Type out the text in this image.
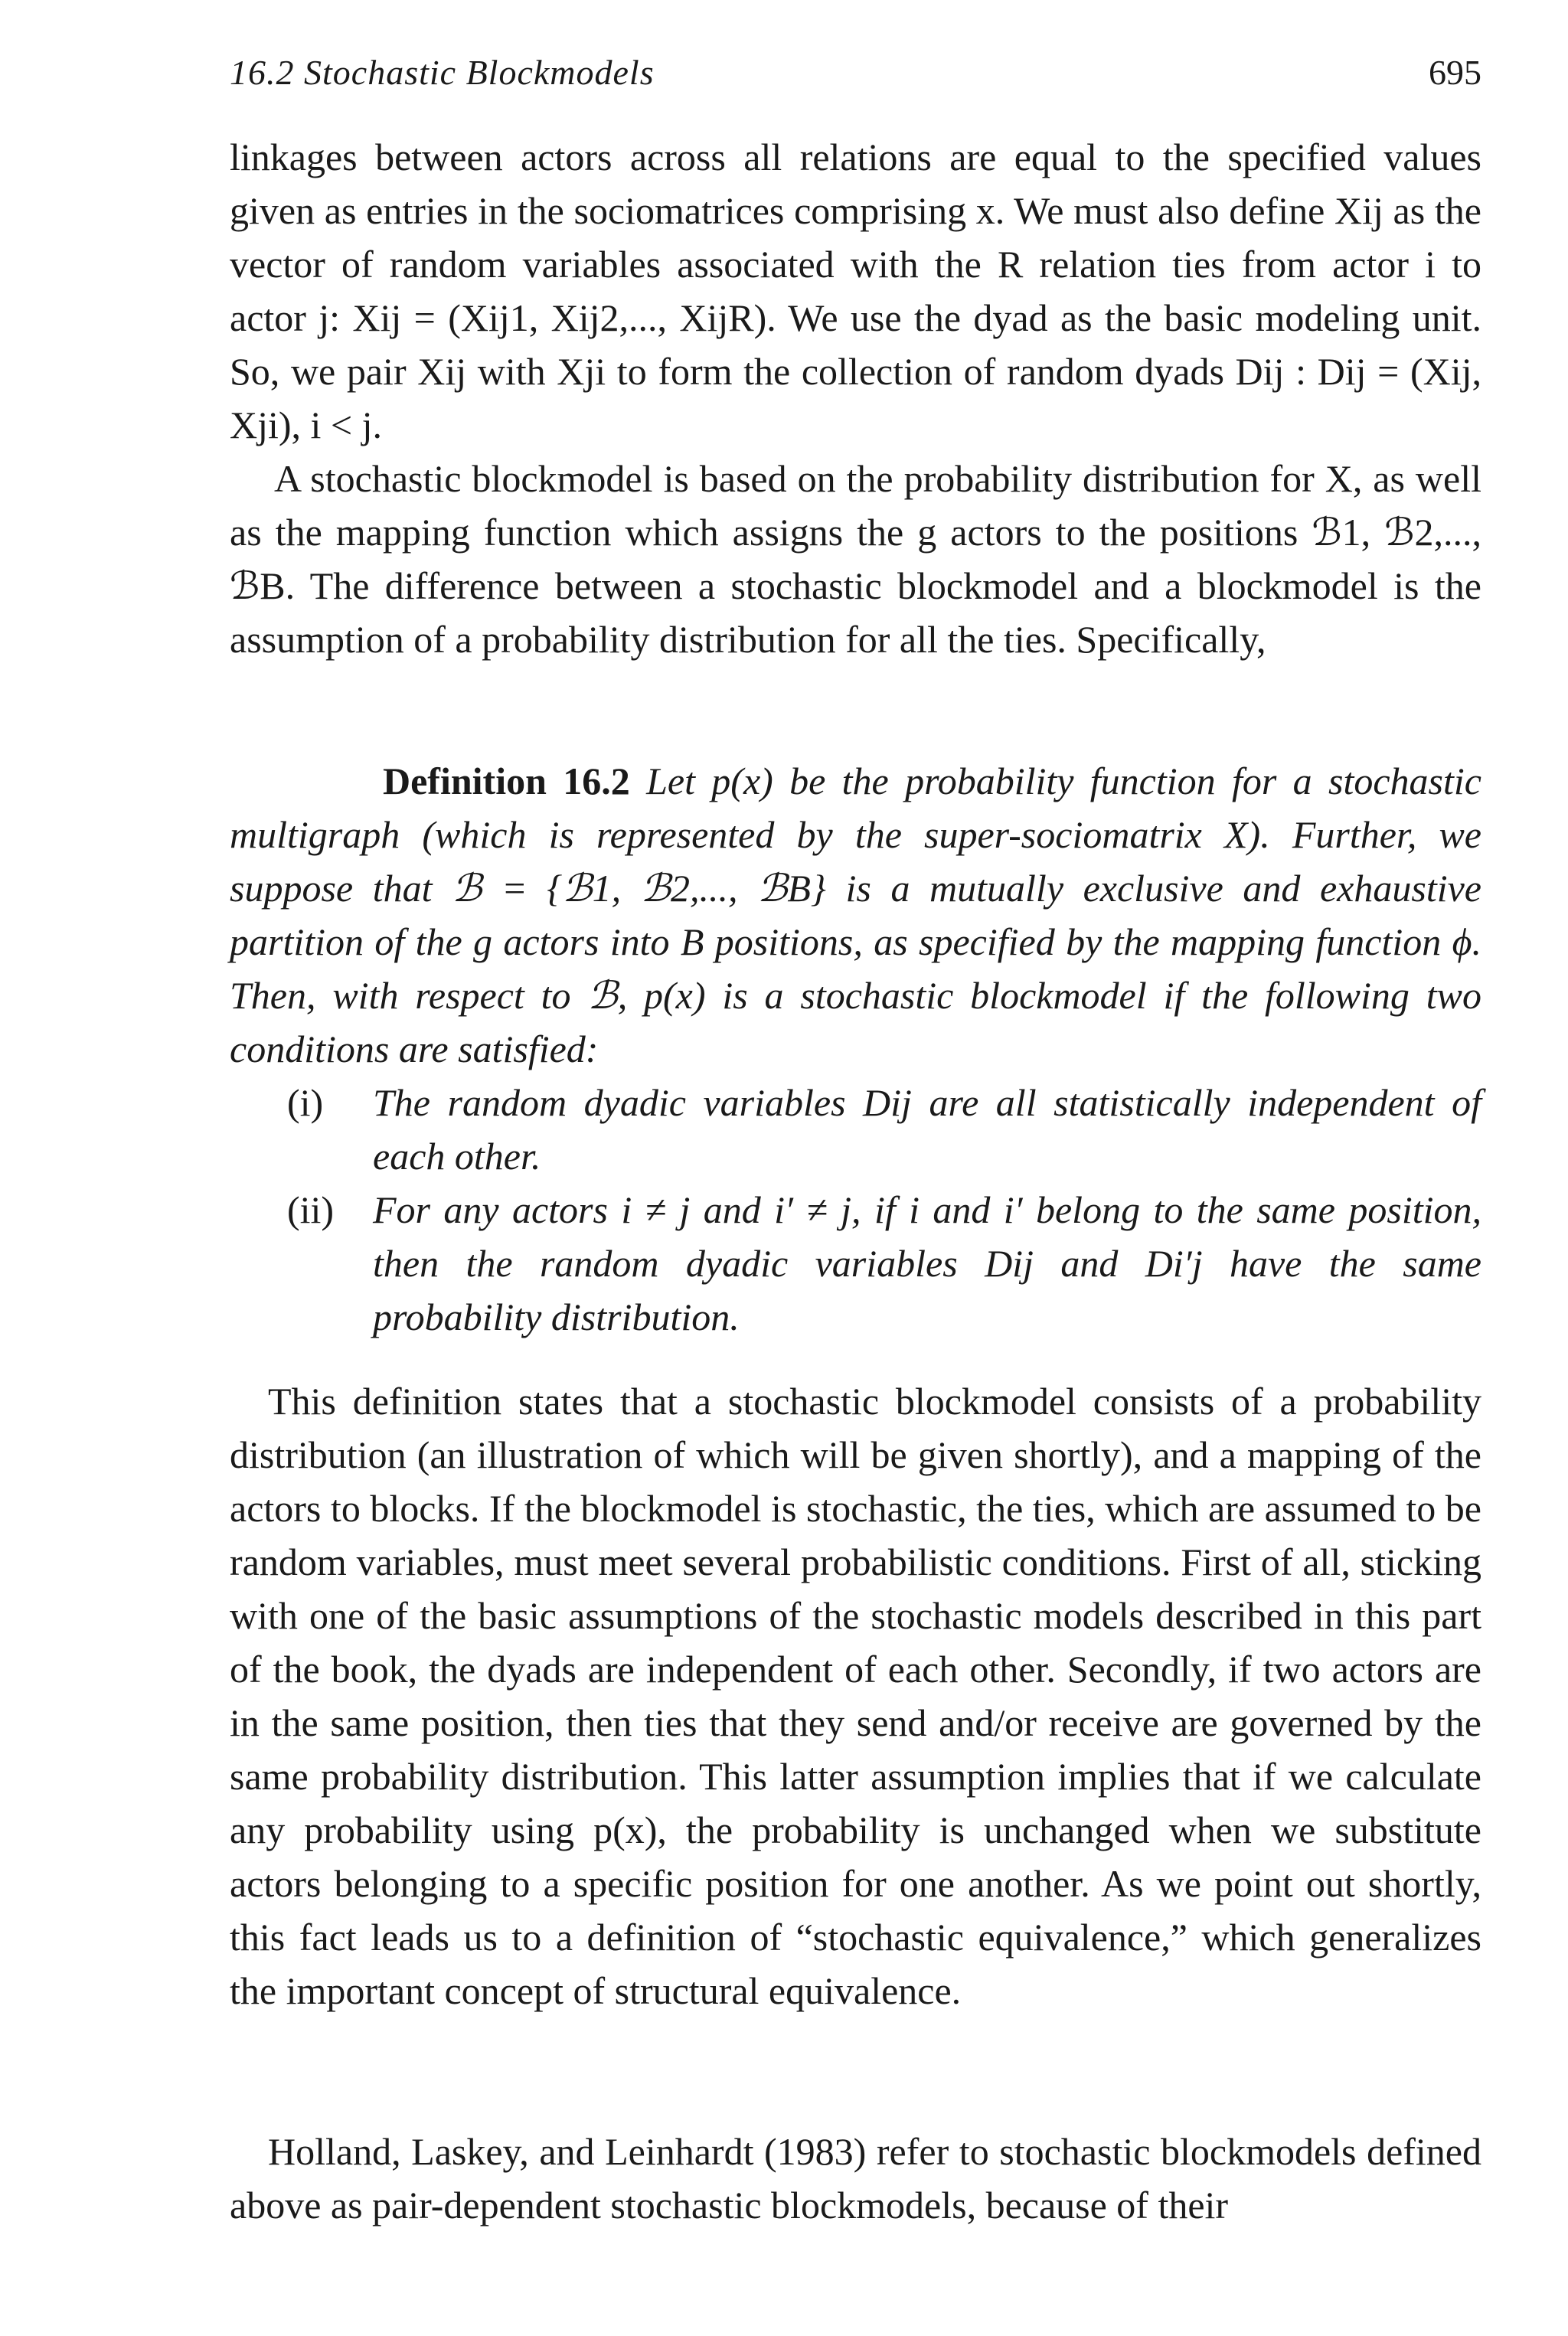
16.2 Stochastic Blockmodels	695

linkages between actors across all relations are equal to the specified values given as entries in the sociomatrices comprising x. We must also define Xij as the vector of random variables associated with the R relation ties from actor i to actor j: Xij = (Xij1, Xij2,..., XijR). We use the dyad as the basic modeling unit. So, we pair Xij with Xji to form the collection of random dyads Dij : Dij = (Xij, Xji), i < j.

A stochastic blockmodel is based on the probability distribution for X, as well as the mapping function which assigns the g actors to the positions ℬ1, ℬ2,..., ℬB. The difference between a stochastic blockmodel and a blockmodel is the assumption of a probability distribution for all the ties. Specifically,

Definition 16.2 Let p(x) be the probability function for a stochastic multigraph (which is represented by the super-sociomatrix X). Further, we suppose that ℬ = {ℬ1, ℬ2,..., ℬB} is a mutually exclusive and exhaustive partition of the g actors into B positions, as specified by the mapping function ϕ. Then, with respect to ℬ, p(x) is a stochastic blockmodel if the following two conditions are satisfied:

(i) The random dyadic variables Dij are all statistically independent of each other.
(ii) For any actors i ≠ j and i′ ≠ j, if i and i′ belong to the same position, then the random dyadic variables Dij and Di′j have the same probability distribution.

This definition states that a stochastic blockmodel consists of a probability distribution (an illustration of which will be given shortly), and a mapping of the actors to blocks. If the blockmodel is stochastic, the ties, which are assumed to be random variables, must meet several probabilistic conditions. First of all, sticking with one of the basic assumptions of the stochastic models described in this part of the book, the dyads are independent of each other. Secondly, if two actors are in the same position, then ties that they send and/or receive are governed by the same probability distribution. This latter assumption implies that if we calculate any probability using p(x), the probability is unchanged when we substitute actors belonging to a specific position for one another. As we point out shortly, this fact leads us to a definition of “stochastic equivalence,” which generalizes the important concept of structural equivalence.

Holland, Laskey, and Leinhardt (1983) refer to stochastic blockmodels defined above as pair-dependent stochastic blockmodels, because of their
